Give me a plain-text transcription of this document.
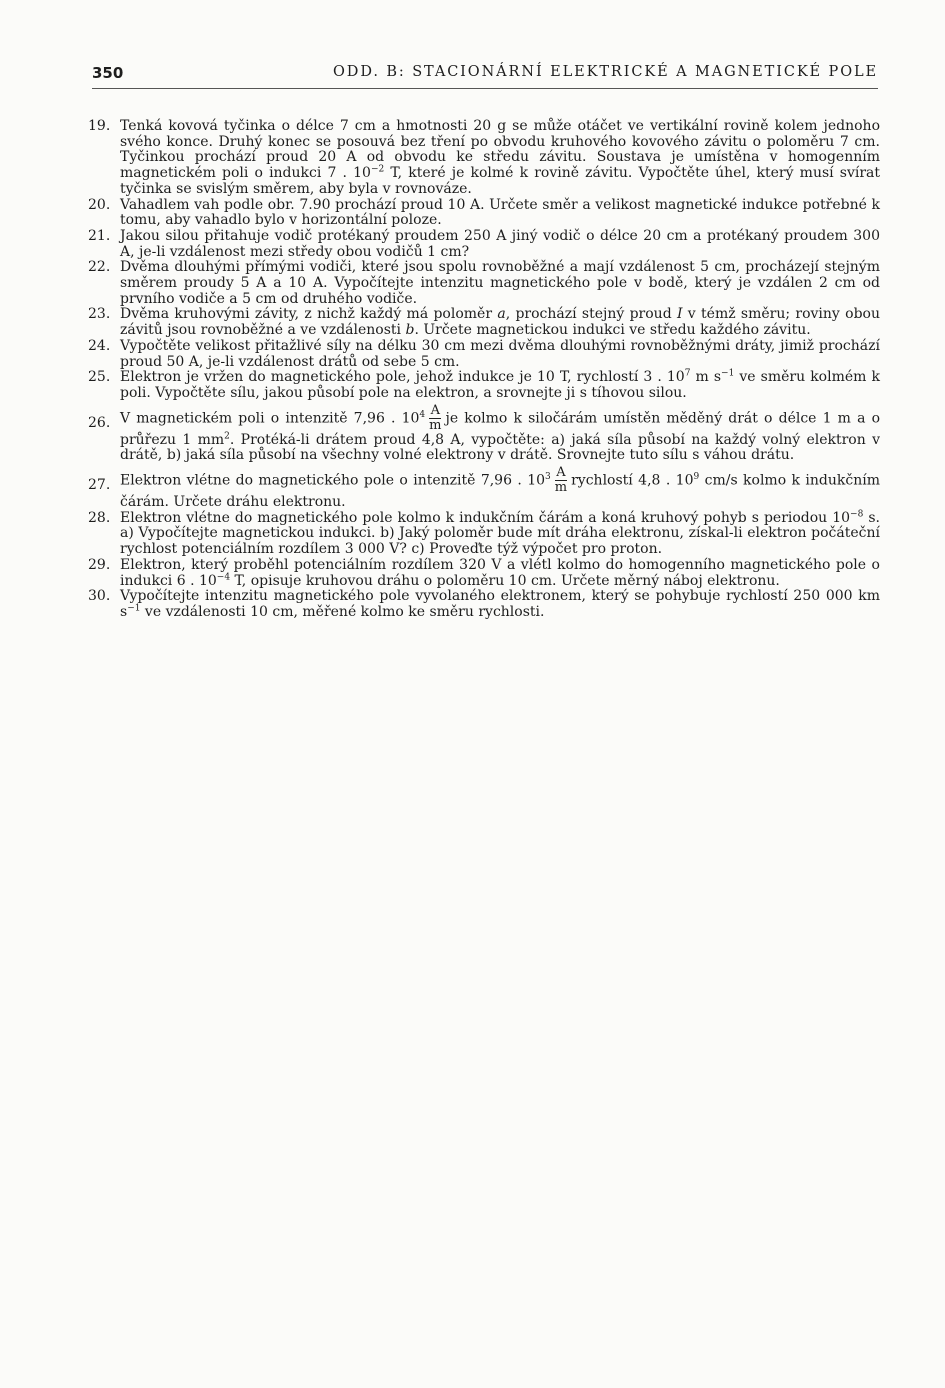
350	ODD. B: STACIONÁRNÍ ELEKTRICKÉ A MAGNETICKÉ POLE
19. Tenká kovová tyčinka o délce 7 cm a hmotnosti 20 g se může otáčet ve vertikální rovině kolem jednoho svého konce. Druhý konec se posouvá bez tření po obvodu kruhového kovového závitu o poloměru 7 cm. Tyčinkou prochází proud 20 A od obvodu ke středu závitu. Soustava je umístěna v homogenním magnetickém poli o indukci 7 . $10^{-2}$ T, které je kolmé k rovině závitu. Vypočtěte úhel, který musí svírat tyčinka se svislým směrem, aby byla v rovnováze.
20. Vahadlem vah podle obr. 7.90 prochází proud 10 A. Určete směr a velikost magnetické indukce potřebné k tomu, aby vahadlo bylo v horizontální poloze.
21. Jakou silou přitahuje vodič protékaný proudem 250 A jiný vodič o délce 20 cm a protékaný proudem 300 A, je-li vzdálenost mezi středy obou vodičů 1 cm?
22. Dvěma dlouhými přímými vodiči, které jsou spolu rovnoběžné a mají vzdálenost 5 cm, procházejí stejným směrem proudy 5 A a 10 A. Vypočítejte intenzitu magnetického pole v bodě, který je vzdálen 2 cm od prvního vodiče a 5 cm od druhého vodiče.
23. Dvěma kruhovými závity, z nichž každý má poloměr a, prochází stejný proud I v témž směru; roviny obou závitů jsou rovnoběžné a ve vzdálenosti b. Určete magnetickou indukci ve středu každého závitu.
24. Vypočtěte velikost přitažlivé síly na délku 30 cm mezi dvěma dlouhými rovnoběžnými dráty, jimiž prochází proud 50 A, je-li vzdálenost drátů od sebe 5 cm.
25. Elektron je vržen do magnetického pole, jehož indukce je 10 T, rychlostí 3 . $10^7$ m $s^{-1}$ ve směru kolmém k poli. Vypočtěte sílu, jakou působí pole na elektron, a srovnejte ji s tíhovou silou.
26. V magnetickém poli o intenzitě 7,96 . $10^4 \frac{A}{m}$ je kolmo k siločárám umístěn měděný drát o délce 1 m a o průřezu 1 $mm^2$. Protéká-li drátem proud 4,8 A, vypočtěte: a) jaká síla působí na každý volný elektron v drátě, b) jaká síla působí na všechny volné elektrony v drátě. Srovnejte tuto sílu s váhou drátu.
27. Elektron vlétne do magnetického pole o intenzitě 7,96 . $10^3 \frac{A}{m}$ rychlostí 4,8 . $10^9$ cm/s kolmo k indukčním čárám. Určete dráhu elektronu.
28. Elektron vlétne do magnetického pole kolmo k indukčním čárám a koná kruhový pohyb s periodou $10^{-8}$ s. a) Vypočítejte magnetickou indukci. b) Jaký poloměr bude mít dráha elektronu, získal-li elektron počáteční rychlost potenciálním rozdílem 3 000 V? c) Proveďte týž výpočet pro proton.
29. Elektron, který proběhl potenciálním rozdílem 320 V a vlétl kolmo do homogenního magnetického pole o indukci 6 . $10^{-4}$ T, opisuje kruhovou dráhu o poloměru 10 cm. Určete měrný náboj elektronu.
30. Vypočítejte intenzitu magnetického pole vyvolaného elektronem, který se pohybuje rychlostí 250 000 km $s^{-1}$ ve vzdálenosti 10 cm, měřené kolmo ke směru rychlosti.
